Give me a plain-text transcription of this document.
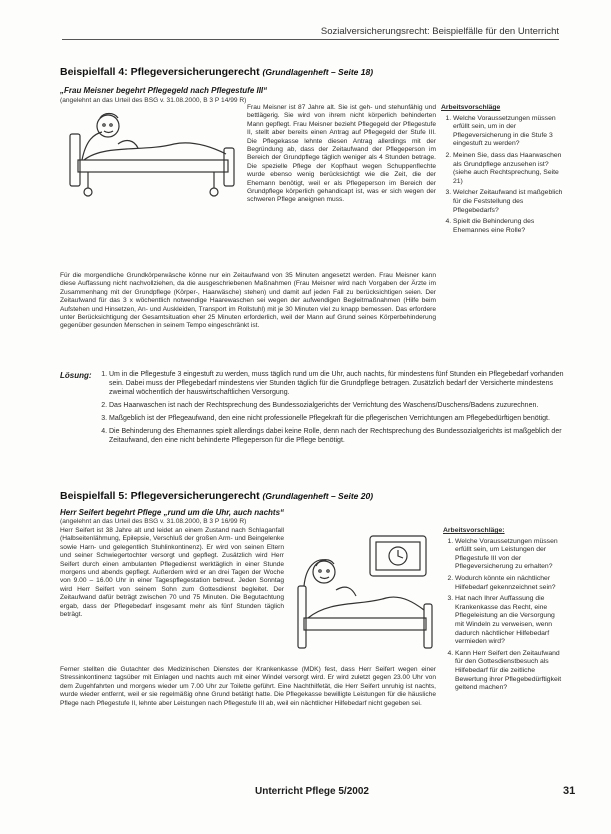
Sozialversicherungsrecht: Beispielfälle für den Unterricht
Beispielfall 4: Pflegeversicherungerecht (Grundlagenheft – Seite 18)
„Frau Meisner begehrt Pflegegeld nach Pflegestufe III“
(angelehnt an das Urteil des BSG v. 31.08.2000, B 3 P 14/99 R)

Frau Meisner ist 87 Jahre alt. Sie ist geh- und stehunfähig und bettlägerig. Sie wird von ihrem nicht körperlich behinderten Mann gepflegt. Frau Meisner bezieht Pflegegeld der Pflegestufe II, stellt aber bereits einen Antrag auf Pflegegeld der Stufe III. Die Pflegekasse lehnte diesen Antrag allerdings mit der Begründung ab, dass der Zeitaufwand der Pflegeperson im Bereich der Grundpflege täglich weniger als 4 Stunden betrage. Die spezielle Pflege der Kopfhaut wegen Schuppenflechte wurde ebenso wenig berücksichtigt wie die Zeit, die der Ehemann benötigt, weil er als Pflegeperson im Bereich der Grundpflege körperlich gehandicapt ist, was er sich wegen der schweren Pflege aneignen muss.

Für die morgendliche Grundkörperwäsche könne nur ein Zeitaufwand von 35 Minuten angesetzt werden. Frau Meisner kann diese Auffassung nicht nachvollziehen, da die ausgeschriebenen Maßnahmen (Frau Meisner wird nach Vorgaben der Ärzte im Zusammenhang mit der Grundpflege (Körper-, Haarwäsche) stehen) und damit auf jeden Fall zu berücksichtigen seien. Der Zeitaufwand für das 3 x wöchentlich notwendige Haarewaschen sei wegen der aufwendigen Begleitmaßnahmen (Hilfe beim Aufstehen und Hinsetzen, An- und Auskleiden, Transport im Rollstuhl) mit je 30 Minuten viel zu knapp bemessen. Das erfordere unter Berücksichtigung der Gesamtsituation eher 25 Minuten erforderlich, weil der Mann auf Grund seines Körperbehinderung gegenüber gesunden Menschen in seinem Tempo eingeschränkt ist.

Arbeitsvorschläge
1. Welche Voraussetzungen müssen erfüllt sein, um in der Pflegeversicherung in die Stufe 3 eingestuft zu werden?
2. Meinen Sie, dass das Haarwaschen als Grundpflege anzusehen ist? (siehe auch Rechtsprechung, Seite 21)
3. Welcher Zeitaufwand ist maßgeblich für die Feststellung des Pflegebedarfs?
4. Spielt die Behinderung des Ehemannes eine Rolle?
Lösung:
1. Um in die Pflegestufe 3 eingestuft zu werden, muss täglich rund um die Uhr, auch nachts, für mindestens fünf Stunden ein Pflegebedarf vorhanden sein. Dabei muss der Pflegebedarf mindestens vier Stunden täglich für die Grundpflege betragen. Zusätzlich bedarf der Versicherte mindestens zweimal wöchentlich der hauswirtschaftlichen Versorgung.
2. Das Haarwaschen ist nach der Rechtsprechung des Bundessozialgerichts der Verrichtung des Waschens/Duschens/Badens zuzurechnen.
3. Maßgeblich ist der Pflegeaufwand, den eine nicht professionelle Pflegekraft für die pflegerischen Verrichtungen am Pflegebedürftigen benötigt.
4. Die Behinderung des Ehemannes spielt allerdings dabei keine Rolle, denn nach der Rechtsprechung des Bundessozialgerichts ist maßgeblich der Zeitaufwand, den eine nicht behinderte Pflegeperson für die Pflege benötigt.
Beispielfall 5: Pflegeversicherungerecht (Grundlagenheft – Seite 20)
Herr Seifert begehrt Pflege „rund um die Uhr, auch nachts“
(angelehnt an das Urteil des BSG v. 31.08.2000, B 3 P 16/99 R)

Herr Seifert ist 38 Jahre alt und leidet an einem Zustand nach Schlaganfall (Halbseitenlähmung, Epilepsie, Verschluß der großen Arm- und Beingelenke sowie Harn- und gelegentlich Stuhlinkontinenz). Er wird von seinen Eltern und seiner Schwiegertochter versorgt und gepflegt. Zusätzlich wird Herr Seifert durch einen ambulanten Pflegedienst werktäglich in einer Stunde morgens und abends gepflegt. Außerdem wird er an drei Tagen der Woche von 9.00 – 16.00 Uhr in einer Tagespflegestation betreut. Jeden Sonntag wird Herr Seifert von seinem Sohn zum Gottesdienst begleitet. Der Zeitaufwand dafür beträgt zwischen 70 und 75 Minuten. Die Begutachtung ergab, dass der Pflegebedarf insgesamt mehr als fünf Stunden täglich beträgt.

Ferner stellten die Gutachter des Medizinischen Dienstes der Krankenkasse (MDK) fest, dass Herr Seifert wegen einer Stressinkontinenz tagsüber mit Einlagen und nachts auch mit einer Windel versorgt wird. Er wird zuletzt gegen 23.00 Uhr von dem Zugehfahrten und morgens wieder um 7.00 Uhr zur Toilette geführt. Eine Nachthilfetät, die Herr Seifert unruhig ist nachts, wurde wieder entfernt, weil er sie regelmäßig ohne Grund betätigt hatte. Die Pflegekasse bewilligte Leistungen für die häusliche Pflege nach Pflegestufe II, lehnte aber Leistungen nach Pflegestufe III ab, weil ein nächtlicher Hilfebedarf nicht gegeben sei.

Arbeitsvorschläge:
1. Welche Voraussetzungen müssen erfüllt sein, um Leistungen der Pflegestufe III von der Pflegeversicherung zu erhalten?
2. Wodurch könnte ein nächtlicher Hilfebedarf gekennzeichnet sein?
3. Hat nach Ihrer Auffassung die Krankenkasse das Recht, eine Pflegeleistung an die Versorgung mit Windeln zu verweisen, wenn dadurch nächtlicher Hilfebedarf vermieden wird?
4. Kann Herr Seifert den Zeitaufwand für den Gottesdienstbesuch als Hilfebedarf für die zeitliche Bewertung ihrer Pflegebedürftigkeit geltend machen?
Unterricht Pflege 5/2002	31
